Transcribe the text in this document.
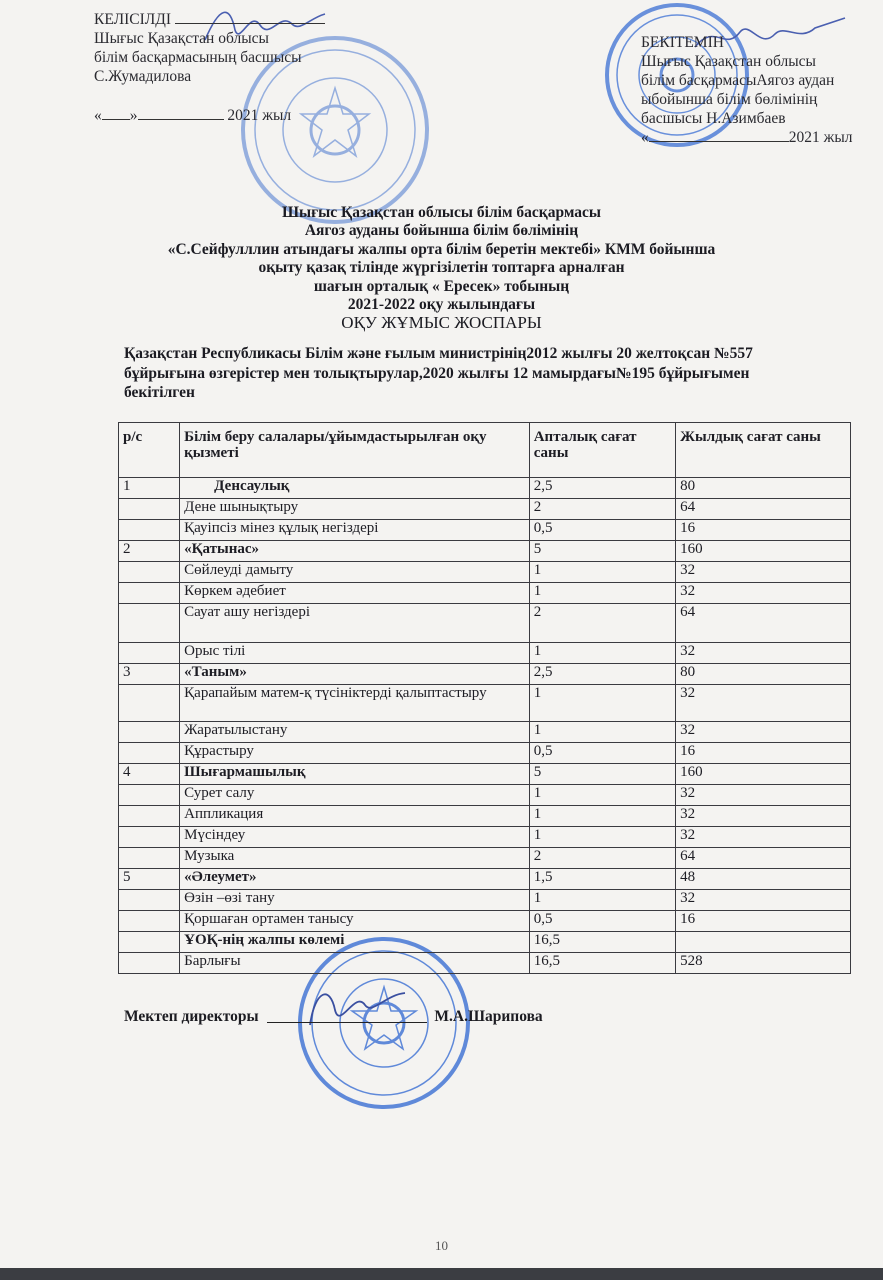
КЕЛІСІЛДІ
Шығыс Қазақстан облысы
білім басқармасының басшысы
С.Жумадилова
« »	2021 жыл
БЕКІТЕМІН
Шығыс Қазақстан облысы
білім басқармасыАягоз аудан
ыбойынша білім бөлімінің
басшысы Н.Азимбаев
«	2021 жыл
Шығыс Қазақстан облысы білім басқармасы
Аягоз ауданы бойынша білім бөлімінің
«С.Сейфулллин атындағы жалпы орта білім беретін мектебі» КММ бойынша
оқыту қазақ тілінде жүргізілетін топтарға арналған
шағын орталық « Ересек» тобының
2021-2022 оқу жылындағы
ОҚУ ЖҰМЫС ЖОСПАРЫ
Қазақстан Республикасы Білім және ғылым министрінің2012 жылғы 20 желтоқсан №557 бұйрығына өзгерістер мен толықтырулар,2020 жылғы 12 мамырдағы№195 бұйрығымен бекітілген
р/с	Білім беру салалары/ұйымдастырылған оқу қызметі	Апталық сағат саны	Жылдық сағат саны
1	Денсаулық	2,5	80
	Дене шынықтыру	2	64
	Қауіпсіз мінез құлық негіздері	0,5	16
2	«Қатынас»	5	160
	Сөйлеуді дамыту	1	32
	Көркем әдебиет	1	32
	Сауат ашу негіздері	2	64
	Орыс тілі	1	32
3	«Таным»	2,5	80
	Қарапайым матем-қ түсініктерді қалыптастыру	1	32
	Жаратылыстану	1	32
	Құрастыру	0,5	16
4	Шығармашылық	5	160
	Сурет салу	1	32
	Аппликация	1	32
	Мүсіндеу	1	32
	Музыка	2	64
5	«Әлеумет»	1,5	48
	Өзін –өзі тану	1	32
	Қоршаған ортамен танысу	0,5	16
	ҰОҚ-нің жалпы көлемі	16,5	
	Барлығы	16,5	528
Мектеп директоры	М.А.Шарипова
10
